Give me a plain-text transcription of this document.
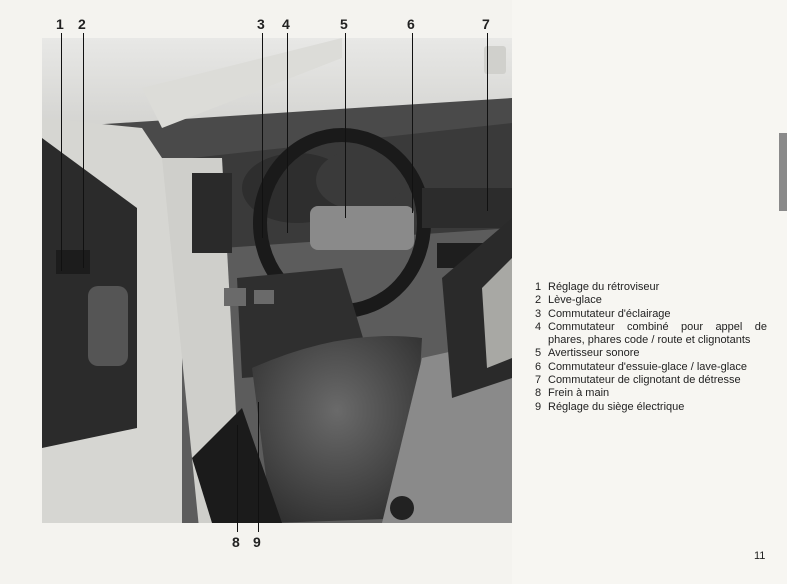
1 2	3 4	5	6	7
8 9
1 Réglage du rétroviseur
2 Lève-glace
3 Commutateur d'éclairage
4 Commutateur combiné pour appel de phares, phares code / route et clignotants
5 Avertisseur sonore
6 Commutateur d'essuie-glace / lave-glace
7 Commutateur de clignotant de détresse
8 Frein à main
9 Réglage du siège électrique
11
